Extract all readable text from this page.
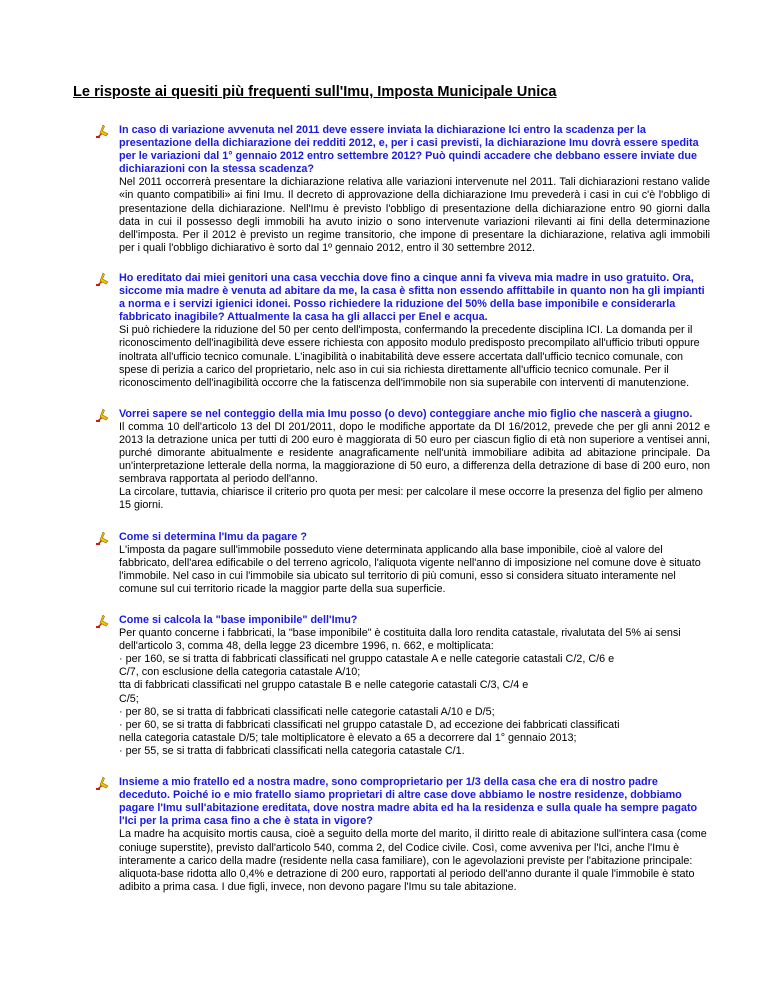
Le risposte ai quesiti più frequenti sull'Imu, Imposta Municipale Unica

In caso di variazione avvenuta nel 2011 deve essere inviata la dichiarazione Ici entro la scadenza per la presentazione della dichiarazione dei redditi 2012, e, per i casi previsti, la dichiarazione Imu dovrà essere spedita per le variazioni dal 1° gennaio 2012 entro settembre 2012? Può quindi accadere che debbano essere inviate due dichiarazioni con la stessa scadenza?

Nel 2011 occorrerà presentare la dichiarazione relativa alle variazioni intervenute nel 2011. Tali dichiarazioni restano valide «in quanto compatibili» ai fini Imu. Il decreto di approvazione della dichiarazione Imu prevederà i casi in cui c'è l'obbligo di presentazione della dichiarazione. Nell'Imu è previsto l'obbligo di presentazione della dichiarazione entro 90 giorni dalla data in cui il possesso degli immobili ha avuto inizio o sono intervenute variazioni rilevanti ai fini della determinazione dell'imposta. Per il 2012 è previsto un regime transitorio, che impone di presentare la dichiarazione, relativa agli immobili per i quali l'obbligo dichiarativo è sorto dal 1º gennaio 2012, entro il 30 settembre 2012.

Ho ereditato dai miei genitori una casa vecchia dove fino a cinque anni fa viveva mia madre in uso gratuito. Ora, siccome mia madre è venuta ad abitare da me, la casa è sfitta non essendo affittabile in quanto non ha gli impianti a norma e i servizi igienici idonei. Posso richiedere la riduzione del 50% della base imponibile e considerarla fabbricato inagibile? Attualmente la casa ha gli allacci per Enel e acqua.

Si può richiedere la riduzione del 50 per cento dell'imposta, confermando la precedente disciplina ICI. La domanda per il riconoscimento dell'inagibilità deve essere richiesta con apposito modulo predisposto precompilato all'ufficio tributi oppure inoltrata all'ufficio tecnico comunale. L'inagibilità o inabitabilità deve essere accertata dall'ufficio tecnico comunale, con spese di perizia a carico del proprietario, nelc aso in cui sia richiesta direttamente all'ufficio tecnico comunale. Per il riconoscimento dell'inagibilità occorre che la fatiscenza dell'immobile non sia superabile con interventi di manutenzione.

Vorrei sapere se nel conteggio della mia Imu posso (o devo) conteggiare anche mio figlio che nascerà a giugno.

Il comma 10 dell'articolo 13 del Dl 201/2011, dopo le modifiche apportate da Dl 16/2012, prevede che per gli anni 2012 e 2013 la detrazione unica per tutti di 200 euro è maggiorata di 50 euro per ciascun figlio di età non superiore a ventisei anni, purché dimorante abitualmente e residente anagraficamente nell'unità immobiliare adibita ad abitazione principale. Da un'interpretazione letterale della norma, la maggiorazione di 50 euro, a differenza della detrazione di base di 200 euro, non sembrava rapportata al periodo dell'anno.

La circolare, tuttavia, chiarisce il criterio pro quota per mesi: per calcolare il mese occorre la presenza del figlio per almeno 15 giorni.

Come si determina l'Imu da pagare ?

L'imposta da pagare sull'immobile posseduto viene determinata applicando alla base imponibile, cioè al valore del fabbricato, dell'area edificabile o del terreno agricolo, l'aliquota vigente nell'anno di imposizione nel comune dove è situato l'immobile. Nel caso in cui l'immobile sia ubicato sul territorio di più comuni, esso si considera situato interamente nel comune sul cui territorio ricade la maggior parte della sua superficie.

Come si calcola la "base imponibile" dell'Imu?

Per quanto concerne i fabbricati, la "base imponibile" è costituita dalla loro rendita catastale, rivalutata del 5% ai sensi dell'articolo 3, comma 48, della legge 23 dicembre 1996, n. 662, e moltiplicata:

· per 160, se si tratta di fabbricati classificati nel gruppo catastale A e nelle categorie catastali C/2, C/6 e

C/7, con esclusione della categoria catastale A/10;

tta di fabbricati classificati nel gruppo catastale B e nelle categorie catastali C/3, C/4 e

C/5;

· per 80, se si tratta di fabbricati classificati nelle categorie catastali A/10 e D/5;

· per 60, se si tratta di fabbricati classificati nel gruppo catastale D, ad eccezione dei fabbricati classificati

nella categoria catastale D/5; tale moltiplicatore è elevato a 65 a decorrere dal 1° gennaio 2013;

· per 55, se si tratta di fabbricati classificati nella categoria catastale C/1.

Insieme a mio fratello ed a nostra madre, sono comproprietario per 1/3 della casa che era di nostro padre deceduto. Poiché io e mio fratello siamo proprietari di altre case dove abbiamo le nostre residenze, dobbiamo pagare l'Imu sull'abitazione ereditata, dove nostra madre abita ed ha la residenza e sulla quale ha sempre pagato l'Ici per la prima casa fino a che è stata in vigore?

La madre ha acquisito mortis causa, cioè a seguito della morte del marito, il diritto reale di abitazione sull'intera casa (come coniuge superstite), previsto dall'articolo 540, comma 2, del Codice civile. Così, come avveniva per l'Ici, anche l'Imu è interamente a carico della madre (residente nella casa familiare), con le agevolazioni previste per l'abitazione principale: aliquota-base ridotta allo 0,4% e detrazione di 200 euro, rapportati al periodo dell'anno durante il quale l'immobile è stato adibito a prima casa. I due figli, invece, non devono pagare l'Imu su tale abitazione.
